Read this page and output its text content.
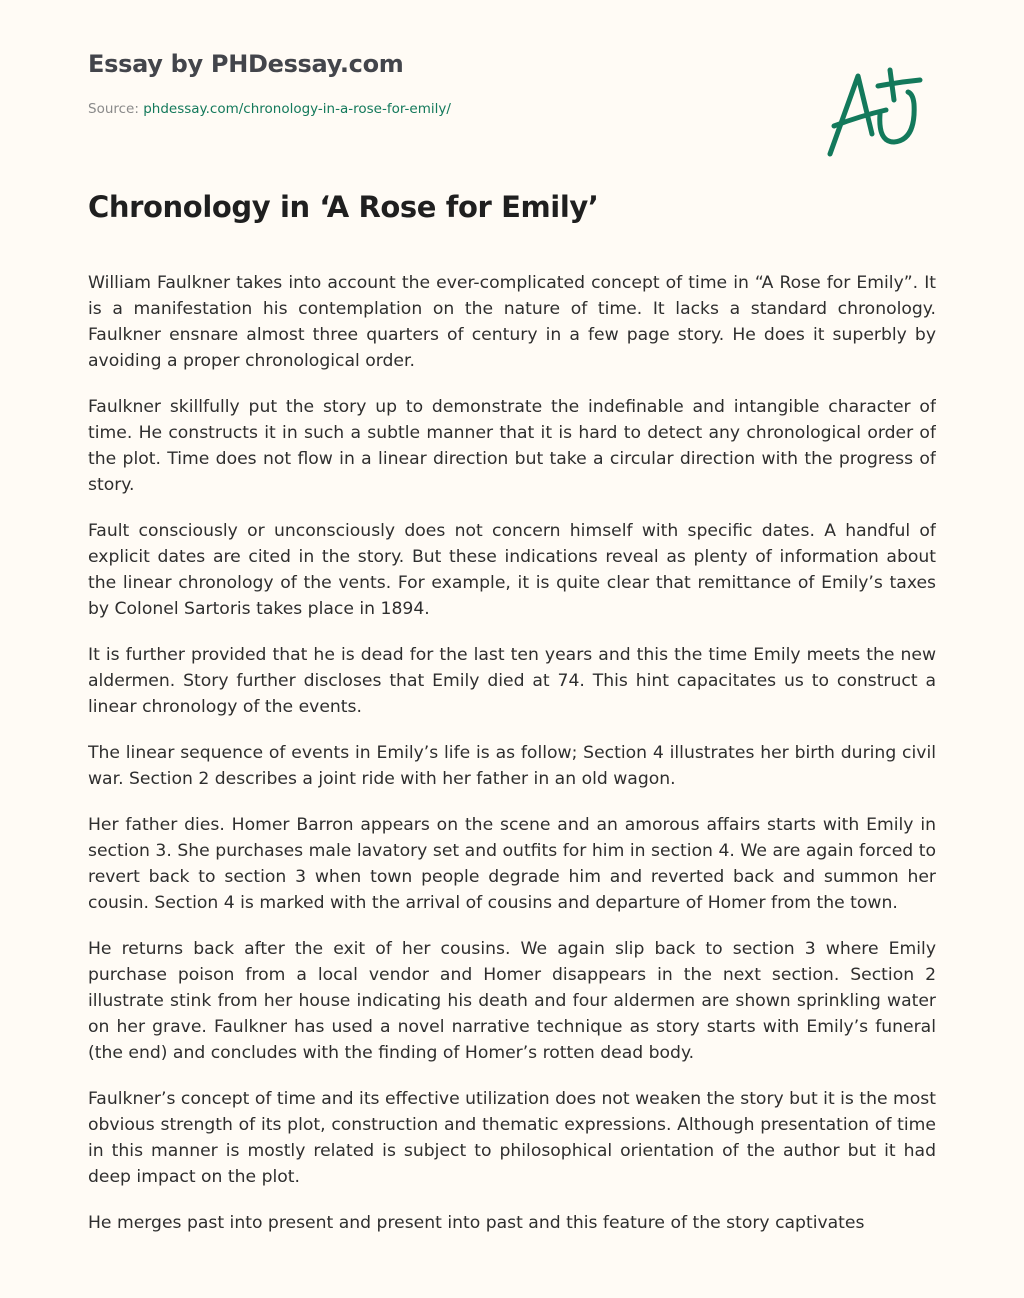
Essay by PHDessay.com
Source: phdessay.com/chronology-in-a-rose-for-emily/
Chronology in ‘A Rose for Emily’

William Faulkner takes into account the ever-complicated concept of time in “A Rose for Emily”. It is a manifestation his contemplation on the nature of time. It lacks a standard chronology. Faulkner ensnare almost three quarters of century in a few page story. He does it superbly by avoiding a proper chronological order.

Faulkner skillfully put the story up to demonstrate the indefinable and intangible character of time. He constructs it in such a subtle manner that it is hard to detect any chronological order of the plot. Time does not flow in a linear direction but take a circular direction with the progress of story.

Fault consciously or unconsciously does not concern himself with specific dates. A handful of explicit dates are cited in the story. But these indications reveal as plenty of information about the linear chronology of the vents. For example, it is quite clear that remittance of Emily’s taxes by Colonel Sartoris takes place in 1894.

It is further provided that he is dead for the last ten years and this the time Emily meets the new aldermen. Story further discloses that Emily died at 74. This hint capacitates us to construct a linear chronology of the events.

The linear sequence of events in Emily’s life is as follow; Section 4 illustrates her birth during civil war. Section 2 describes a joint ride with her father in an old wagon.

Her father dies. Homer Barron appears on the scene and an amorous affairs starts with Emily in section 3. She purchases male lavatory set and outfits for him in section 4. We are again forced to revert back to section 3 when town people degrade him and reverted back and summon her cousin. Section 4 is marked with the arrival of cousins and departure of Homer from the town.

He returns back after the exit of her cousins. We again slip back to section 3 where Emily purchase poison from a local vendor and Homer disappears in the next section. Section 2 illustrate stink from her house indicating his death and four aldermen are shown sprinkling water on her grave. Faulkner has used a novel narrative technique as story starts with Emily’s funeral (the end) and concludes with the finding of Homer’s rotten dead body.

Faulkner’s concept of time and its effective utilization does not weaken the story but it is the most obvious strength of its plot, construction and thematic expressions. Although presentation of time in this manner is mostly related is subject to philosophical orientation of the author but it had deep impact on the plot.

He merges past into present and present into past and this feature of the story captivates
